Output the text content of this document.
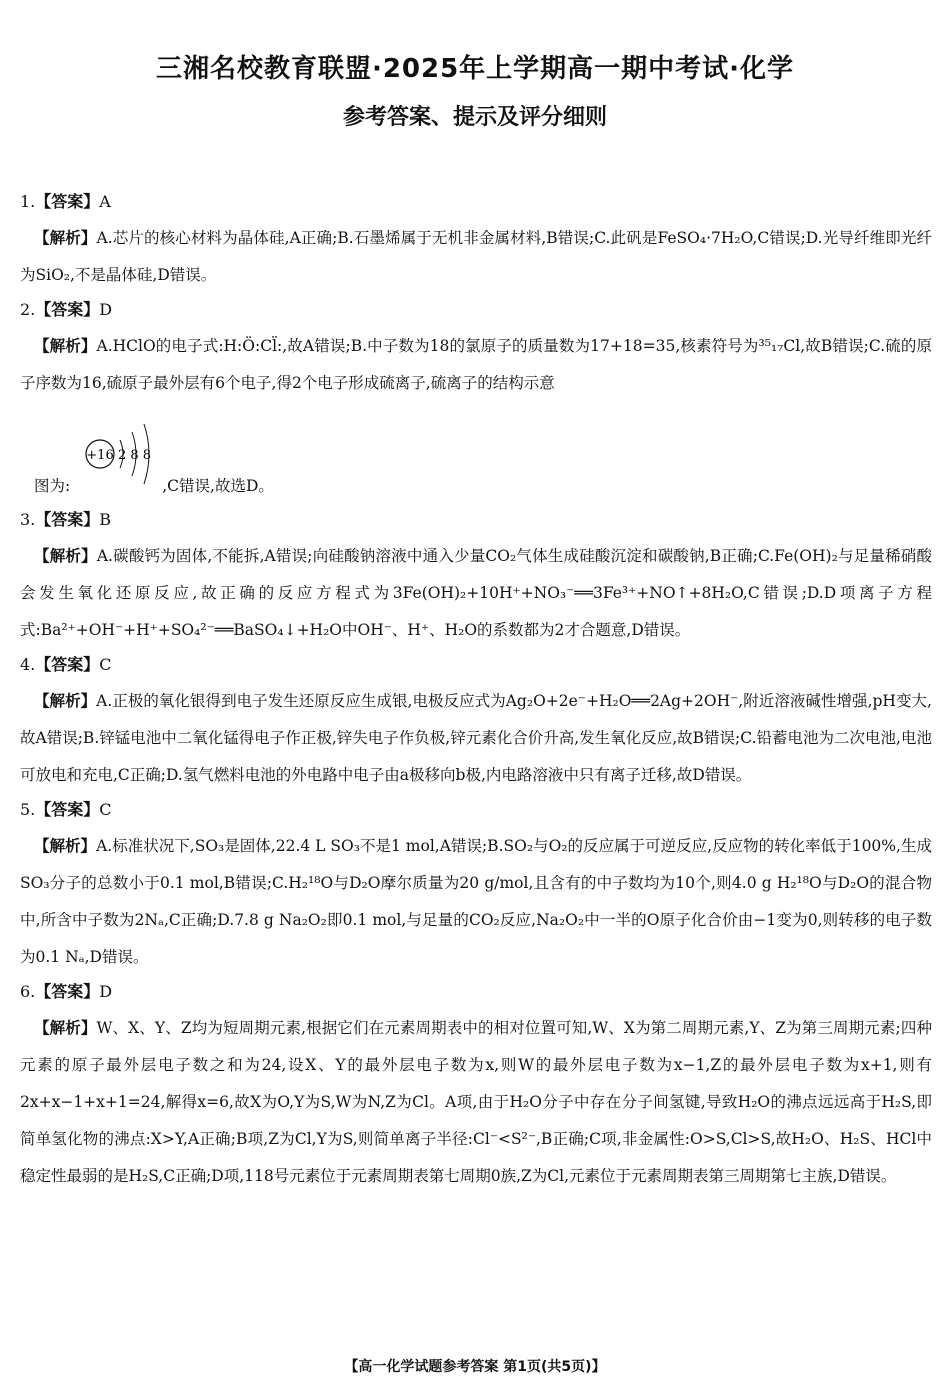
三湘名校教育联盟·2025年上学期高一期中考试·化学
参考答案、提示及评分细则
1.【答案】A
【解析】A.芯片的核心材料为晶体硅,A正确;B.石墨烯属于无机非金属材料,B错误;C.此矾是FeSO₄·7H₂O,C错误;D.光导纤维即光纤为SiO₂,不是晶体硅,D错误。
2.【答案】D
【解析】A.HClO的电子式:H:Ö:Cl̈:,故A错误;B.中子数为18的氯原子的质量数为17+18=35,核素符号为³⁵₁₇Cl,故B错误;C.硫的原子序数为16,硫原子最外层有6个电子,得2个电子形成硫离子,硫离子的结构示意
+16 2 8 8
图为:	,C错误,故选D。
3.【答案】B
【解析】A.碳酸钙为固体,不能拆,A错误;向硅酸钠溶液中通入少量CO₂气体生成硅酸沉淀和碳酸钠,B正确;C.Fe(OH)₂与足量稀硝酸会发生氧化还原反应,故正确的反应方程式为3Fe(OH)₂+10H⁺+NO₃⁻══3Fe³⁺+NO↑+8H₂O,C错误;D.D项离子方程式:Ba²⁺+OH⁻+H⁺+SO₄²⁻══BaSO₄↓+H₂O中OH⁻、H⁺、H₂O的系数都为2才合题意,D错误。
4.【答案】C
【解析】A.正极的氧化银得到电子发生还原反应生成银,电极反应式为Ag₂O+2e⁻+H₂O══2Ag+2OH⁻,附近溶液碱性增强,pH变大,故A错误;B.锌锰电池中二氧化锰得电子作正极,锌失电子作负极,锌元素化合价升高,发生氧化反应,故B错误;C.铅蓄电池为二次电池,电池可放电和充电,C正确;D.氢气燃料电池的外电路中电子由a极移向b极,内电路溶液中只有离子迁移,故D错误。
5.【答案】C
【解析】A.标准状况下,SO₃是固体,22.4 L SO₃不是1 mol,A错误;B.SO₂与O₂的反应属于可逆反应,反应物的转化率低于100%,生成SO₃分子的总数小于0.1 mol,B错误;C.H₂¹⁸O与D₂O摩尔质量为20 g/mol,且含有的中子数均为10个,则4.0 g H₂¹⁸O与D₂O的混合物中,所含中子数为2Nₐ,C正确;D.7.8 g Na₂O₂即0.1 mol,与足量的CO₂反应,Na₂O₂中一半的O原子化合价由−1变为0,则转移的电子数为0.1 Nₐ,D错误。
6.【答案】D
【解析】W、X、Y、Z均为短周期元素,根据它们在元素周期表中的相对位置可知,W、X为第二周期元素,Y、Z为第三周期元素;四种元素的原子最外层电子数之和为24,设X、Y的最外层电子数为x,则W的最外层电子数为x−1,Z的最外层电子数为x+1,则有2x+x−1+x+1=24,解得x=6,故X为O,Y为S,W为N,Z为Cl。A项,由于H₂O分子中存在分子间氢键,导致H₂O的沸点远远高于H₂S,即简单氢化物的沸点:X>Y,A正确;B项,Z为Cl,Y为S,则简单离子半径:Cl⁻<S²⁻,B正确;C项,非金属性:O>S,Cl>S,故H₂O、H₂S、HCl中稳定性最弱的是H₂S,C正确;D项,118号元素位于元素周期表第七周期0族,Z为Cl,元素位于元素周期表第三周期第七主族,D错误。
【高一化学试题参考答案 第1页(共5页)】
